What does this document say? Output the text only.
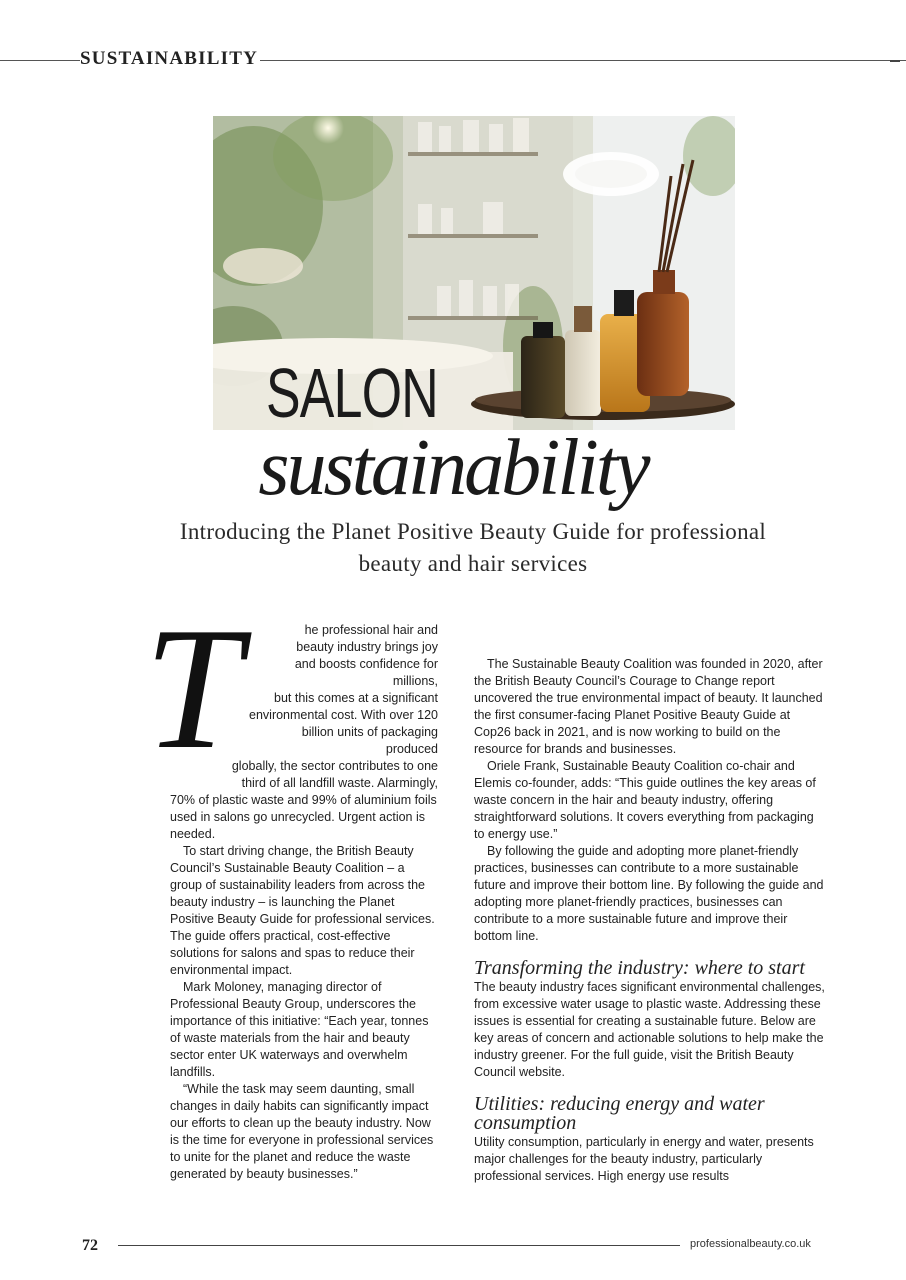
SUSTAINABILITY
SALON
sustainability
Introducing the Planet Positive Beauty Guide for professional beauty and hair services
T	he professional hair and
beauty industry brings joy
and boosts confidence for millions,
but this comes at a significant
environmental cost. With over 120
billion units of packaging produced
globally, the sector contributes to one
third of all landfill waste. Alarmingly,

70% of plastic waste and 99% of aluminium foils used in salons go unrecycled. Urgent action is needed.

To start driving change, the British Beauty Council’s Sustainable Beauty Coalition – a group of sustainability leaders from across the beauty industry – is launching the Planet Positive Beauty Guide for professional services. The guide offers practical, cost-effective solutions for salons and spas to reduce their environmental impact.

Mark Moloney, managing director of Professional Beauty Group, underscores the importance of this initiative: “Each year, tonnes of waste materials from the hair and beauty sector enter UK waterways and overwhelm landfills.

“While the task may seem daunting, small changes in daily habits can significantly impact our efforts to clean up the beauty industry. Now is the time for everyone in professional services to unite for the planet and reduce the waste generated by beauty businesses.”

The Sustainable Beauty Coalition was founded in 2020, after the British Beauty Council’s Courage to Change report uncovered the true environmental impact of beauty. It launched the first consumer-facing Planet Positive Beauty Guide at Cop26 back in 2021, and is now working to build on the resource for brands and businesses.

Oriele Frank, Sustainable Beauty Coalition co-chair and Elemis co-founder, adds: “This guide outlines the key areas of waste concern in the hair and beauty industry, offering straightforward solutions. It covers everything from packaging to energy use.”

By following the guide and adopting more planet-friendly practices, businesses can contribute to a more sustainable future and improve their bottom line. By following the guide and adopting more planet-friendly practices, businesses can contribute to a more sustainable future and improve their bottom line.

Transforming the industry: where to start

The beauty industry faces significant environmental challenges, from excessive water usage to plastic waste. Addressing these issues is essential for creating a sustainable future. Below are key areas of concern and actionable solutions to help make the industry greener. For the full guide, visit the British Beauty Council website.

Utilities: reducing energy and water consumption

Utility consumption, particularly in energy and water, presents major challenges for the beauty industry, particularly professional services. High energy use results

72	professionalbeauty.co.uk
